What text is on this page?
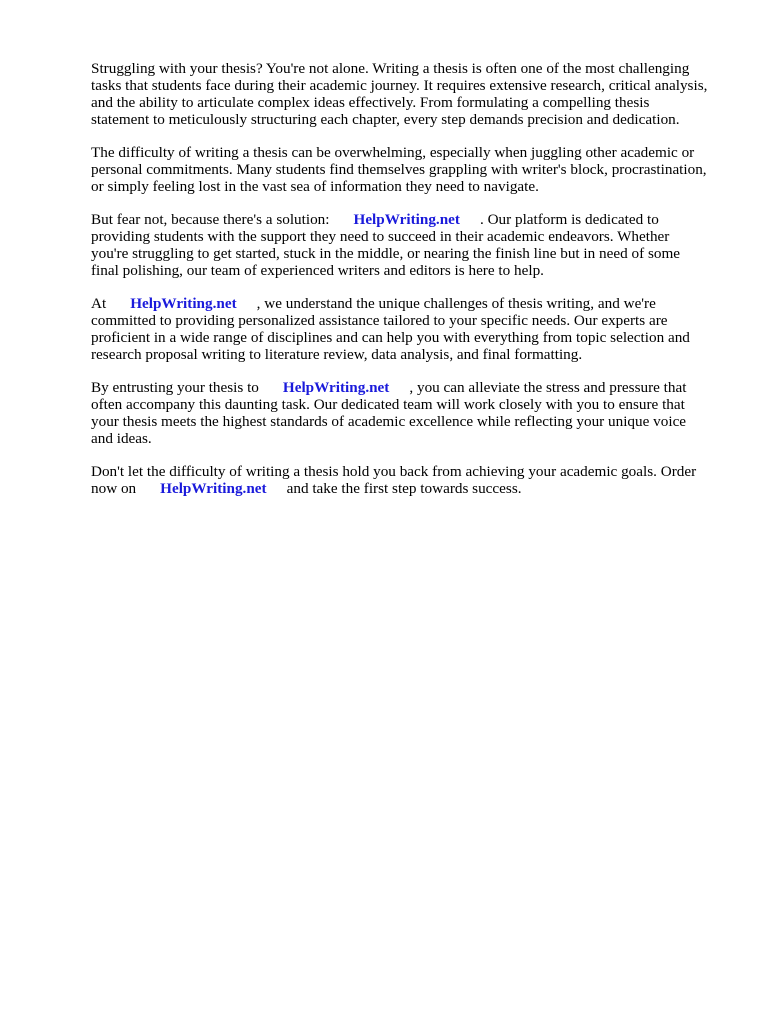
Struggling with your thesis? You're not alone. Writing a thesis is often one of the most challenging
tasks that students face during their academic journey. It requires extensive research, critical analysis,
and the ability to articulate complex ideas effectively. From formulating a compelling thesis
statement to meticulously structuring each chapter, every step demands precision and dedication.

The difficulty of writing a thesis can be overwhelming, especially when juggling other academic or
personal commitments. Many students find themselves grappling with writer's block, procrastination,
or simply feeling lost in the vast sea of information they need to navigate.

But fear not, because there's a solution: HelpWriting.net . Our platform is dedicated to
providing students with the support they need to succeed in their academic endeavors. Whether
you're struggling to get started, stuck in the middle, or nearing the finish line but in need of some
final polishing, our team of experienced writers and editors is here to help.

At HelpWriting.net , we understand the unique challenges of thesis writing, and we're
committed to providing personalized assistance tailored to your specific needs. Our experts are
proficient in a wide range of disciplines and can help you with everything from topic selection and
research proposal writing to literature review, data analysis, and final formatting.

By entrusting your thesis to HelpWriting.net , you can alleviate the stress and pressure that
often accompany this daunting task. Our dedicated team will work closely with you to ensure that
your thesis meets the highest standards of academic excellence while reflecting your unique voice
and ideas.

Don't let the difficulty of writing a thesis hold you back from achieving your academic goals. Order
now on HelpWriting.net and take the first step towards success.
